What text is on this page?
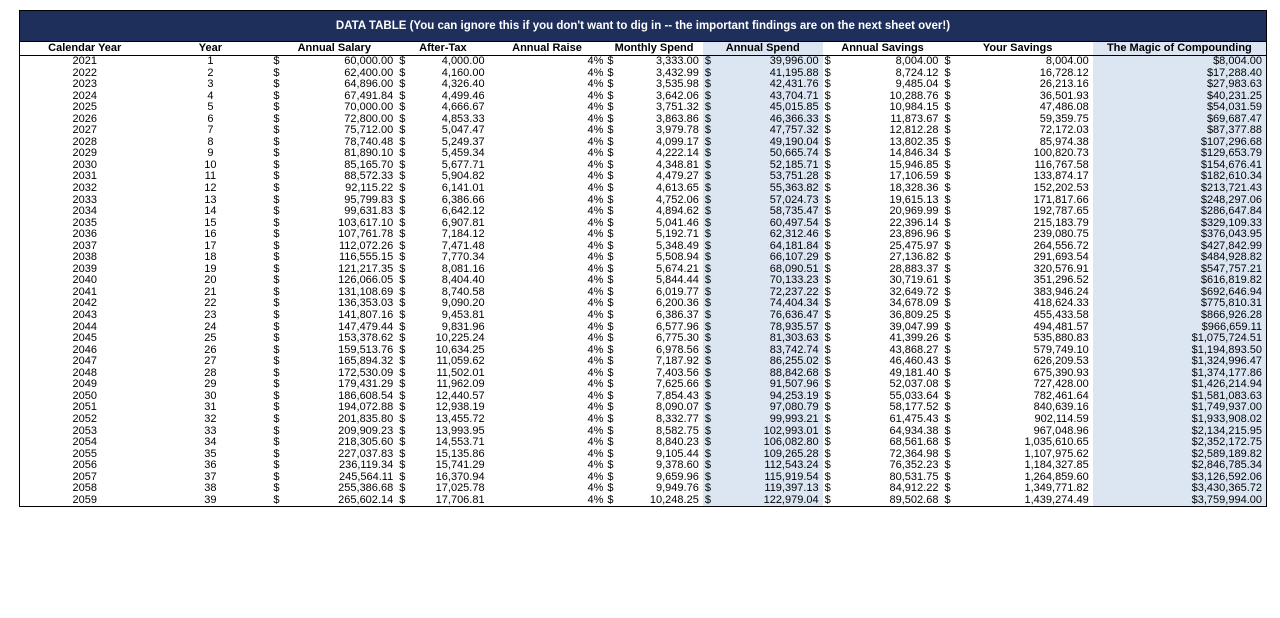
DATA TABLE (You can ignore this if you don't want to dig in -- the important findings are on the next sheet over!)
Calendar Year	Year	Annual Salary		After-Tax		Annual Raise	Monthly Spend		Annual Spend		Annual Savings		Your Savings		The Magic of Compounding
2021	1	$	60,000.00	$	4,000.00	4%	$	3,333.00	$	39,996.00	$	8,004.00	$	8,004.00	$8,004.00
2022	2	$	62,400.00	$	4,160.00	4%	$	3,432.99	$	41,195.88	$	8,724.12	$	16,728.12	$17,288.40
2023	3	$	64,896.00	$	4,326.40	4%	$	3,535.98	$	42,431.76	$	9,485.04	$	26,213.16	$27,983.63
2024	4	$	67,491.84	$	4,499.46	4%	$	3,642.06	$	43,704.71	$	10,288.76	$	36,501.93	$40,231.25
2025	5	$	70,000.00	$	4,666.67	4%	$	3,751.32	$	45,015.85	$	10,984.15	$	47,486.08	$54,031.59
2026	6	$	72,800.00	$	4,853.33	4%	$	3,863.86	$	46,366.33	$	11,873.67	$	59,359.75	$69,687.47
2027	7	$	75,712.00	$	5,047.47	4%	$	3,979.78	$	47,757.32	$	12,812.28	$	72,172.03	$87,377.88
2028	8	$	78,740.48	$	5,249.37	4%	$	4,099.17	$	49,190.04	$	13,802.35	$	85,974.38	$107,296.68
2029	9	$	81,890.10	$	5,459.34	4%	$	4,222.14	$	50,665.74	$	14,846.34	$	100,820.73	$129,653.79
2030	10	$	85,165.70	$	5,677.71	4%	$	4,348.81	$	52,185.71	$	15,946.85	$	116,767.58	$154,676.41
2031	11	$	88,572.33	$	5,904.82	4%	$	4,479.27	$	53,751.28	$	17,106.59	$	133,874.17	$182,610.34
2032	12	$	92,115.22	$	6,141.01	4%	$	4,613.65	$	55,363.82	$	18,328.36	$	152,202.53	$213,721.43
2033	13	$	95,799.83	$	6,386.66	4%	$	4,752.06	$	57,024.73	$	19,615.13	$	171,817.66	$248,297.06
2034	14	$	99,631.83	$	6,642.12	4%	$	4,894.62	$	58,735.47	$	20,969.99	$	192,787.65	$286,647.84
2035	15	$	103,617.10	$	6,907.81	4%	$	5,041.46	$	60,497.54	$	22,396.14	$	215,183.79	$329,109.33
2036	16	$	107,761.78	$	7,184.12	4%	$	5,192.71	$	62,312.46	$	23,896.96	$	239,080.75	$376,043.95
2037	17	$	112,072.26	$	7,471.48	4%	$	5,348.49	$	64,181.84	$	25,475.97	$	264,556.72	$427,842.99
2038	18	$	116,555.15	$	7,770.34	4%	$	5,508.94	$	66,107.29	$	27,136.82	$	291,693.54	$484,928.82
2039	19	$	121,217.35	$	8,081.16	4%	$	5,674.21	$	68,090.51	$	28,883.37	$	320,576.91	$547,757.21
2040	20	$	126,066.05	$	8,404.40	4%	$	5,844.44	$	70,133.23	$	30,719.61	$	351,296.52	$616,819.82
2041	21	$	131,108.69	$	8,740.58	4%	$	6,019.77	$	72,237.22	$	32,649.72	$	383,946.24	$692,646.94
2042	22	$	136,353.03	$	9,090.20	4%	$	6,200.36	$	74,404.34	$	34,678.09	$	418,624.33	$775,810.31
2043	23	$	141,807.16	$	9,453.81	4%	$	6,386.37	$	76,636.47	$	36,809.25	$	455,433.58	$866,926.28
2044	24	$	147,479.44	$	9,831.96	4%	$	6,577.96	$	78,935.57	$	39,047.99	$	494,481.57	$966,659.11
2045	25	$	153,378.62	$	10,225.24	4%	$	6,775.30	$	81,303.63	$	41,399.26	$	535,880.83	$1,075,724.51
2046	26	$	159,513.76	$	10,634.25	4%	$	6,978.56	$	83,742.74	$	43,868.27	$	579,749.10	$1,194,893.50
2047	27	$	165,894.32	$	11,059.62	4%	$	7,187.92	$	86,255.02	$	46,460.43	$	626,209.53	$1,324,996.47
2048	28	$	172,530.09	$	11,502.01	4%	$	7,403.56	$	88,842.68	$	49,181.40	$	675,390.93	$1,374,177.86
2049	29	$	179,431.29	$	11,962.09	4%	$	7,625.66	$	91,507.96	$	52,037.08	$	727,428.00	$1,426,214.94
2050	30	$	186,608.54	$	12,440.57	4%	$	7,854.43	$	94,253.19	$	55,033.64	$	782,461.64	$1,581,083.63
2051	31	$	194,072.88	$	12,938.19	4%	$	8,090.07	$	97,080.79	$	58,177.52	$	840,639.16	$1,749,937.00
2052	32	$	201,835.80	$	13,455.72	4%	$	8,332.77	$	99,993.21	$	61,475.43	$	902,114.59	$1,933,908.02
2053	33	$	209,909.23	$	13,993.95	4%	$	8,582.75	$	102,993.01	$	64,934.38	$	967,048.96	$2,134,215.95
2054	34	$	218,305.60	$	14,553.71	4%	$	8,840.23	$	106,082.80	$	68,561.68	$	1,035,610.65	$2,352,172.75
2055	35	$	227,037.83	$	15,135.86	4%	$	9,105.44	$	109,265.28	$	72,364.98	$	1,107,975.62	$2,589,189.82
2056	36	$	236,119.34	$	15,741.29	4%	$	9,378.60	$	112,543.24	$	76,352.23	$	1,184,327.85	$2,846,785.34
2057	37	$	245,564.11	$	16,370.94	4%	$	9,659.96	$	115,919.54	$	80,531.75	$	1,264,859.60	$3,126,592.06
2058	38	$	255,386.68	$	17,025.78	4%	$	9,949.76	$	119,397.13	$	84,912.22	$	1,349,771.82	$3,430,365.72
2059	39	$	265,602.14	$	17,706.81	4%	$	10,248.25	$	122,979.04	$	89,502.68	$	1,439,274.49	$3,759,994.00
